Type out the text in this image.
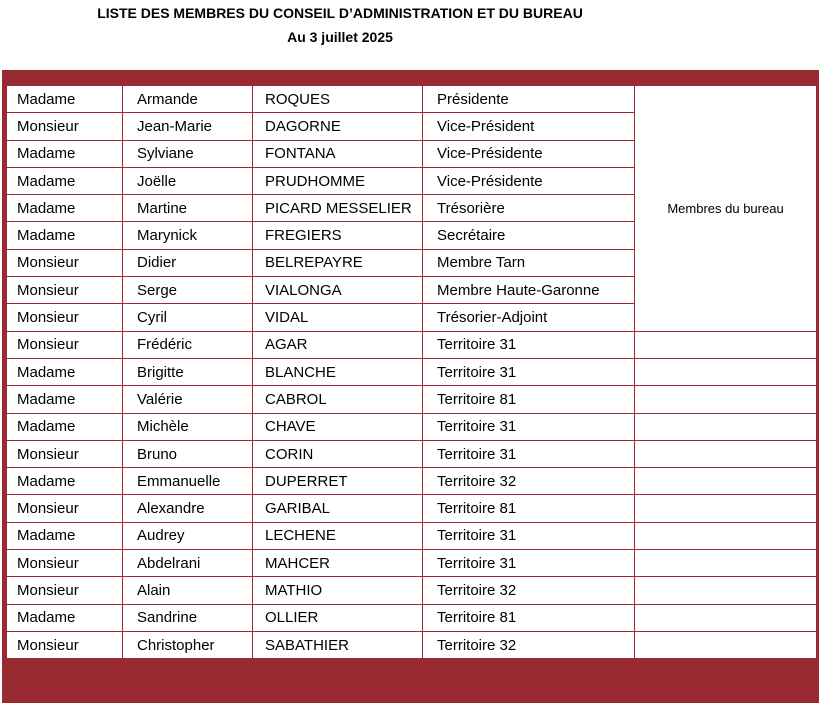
LISTE DES MEMBRES DU CONSEIL D’ADMINISTRATION ET DU BUREAU
Au 3 juillet 2025
Madame	Armande	ROQUES	Présidente	Membres du bureau
Monsieur	Jean-Marie	DAGORNE	Vice-Président	
Madame	Sylviane	FONTANA	Vice-Présidente	
Madame	Joëlle	PRUDHOMME	Vice-Présidente	
Madame	Martine	PICARD MESSELIER	Trésorière	
Madame	Marynick	FREGIERS	Secrétaire	
Monsieur	Didier	BELREPAYRE	Membre Tarn	
Monsieur	Serge	VIALONGA	Membre Haute-Garonne	
Monsieur	Cyril	VIDAL	Trésorier-Adjoint	
Monsieur	Frédéric	AGAR	Territoire 31	
Madame	Brigitte	BLANCHE	Territoire 31	
Madame	Valérie	CABROL	Territoire 81	
Madame	Michèle	CHAVE	Territoire 31	
Monsieur	Bruno	CORIN	Territoire 31	
Madame	Emmanuelle	DUPERRET	Territoire 32	
Monsieur	Alexandre	GARIBAL	Territoire 81	
Madame	Audrey	LECHENE	Territoire 31	
Monsieur	Abdelrani	MAHCER	Territoire 31	
Monsieur	Alain	MATHIO	Territoire 32	
Madame	Sandrine	OLLIER	Territoire 81	
Monsieur	Christopher	SABATHIER	Territoire 32	
